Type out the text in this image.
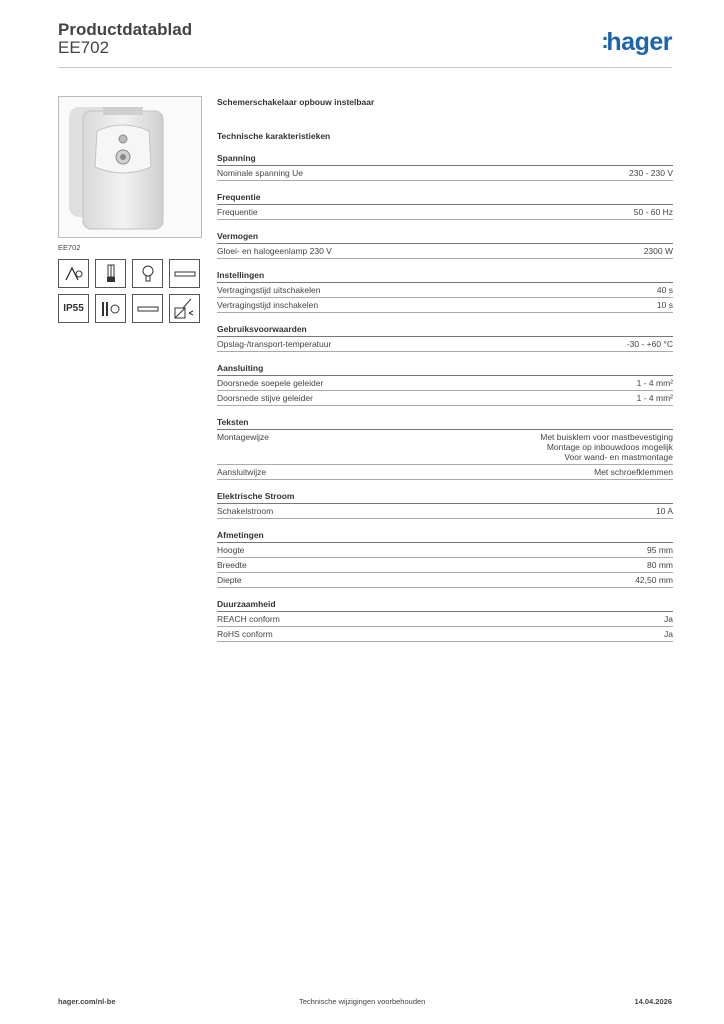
Productdatablad
EE702	:hager
EE702
IP55
Schemerschakelaar opbouw instelbaar
Technische karakteristieken
Spanning
Nominale spanning Ue	230 - 230 V
Frequentie
Frequentie	50 - 60 Hz
Vermogen
Gloei- en halogeenlamp 230 V	2300 W
Instellingen
Vertragingstijd uitschakelen	40 s
Vertragingstijd inschakelen	10 s
Gebruiksvoorwaarden
Opslag-/transport-temperatuur	-30 - +60 °C
Aansluiting
Doorsnede soepele geleider	1 - 4 mm²
Doorsnede stijve geleider	1 - 4 mm²
Teksten
Montagewijze	Met buisklem voor mastbevestiging
Montage op inbouwdoos mogelijk
Voor wand- en mastmontage
Aansluitwijze	Met schroefklemmen
Elektrische Stroom
Schakelstroom	10 A
Afmetingen
Hoogte	95 mm
Breedte	80 mm
Diepte	42,50 mm
Duurzaamheid
REACH conform	Ja
RoHS conform	Ja
hager.com/nl-be	Technische wijzigingen voorbehouden	14.04.2026
